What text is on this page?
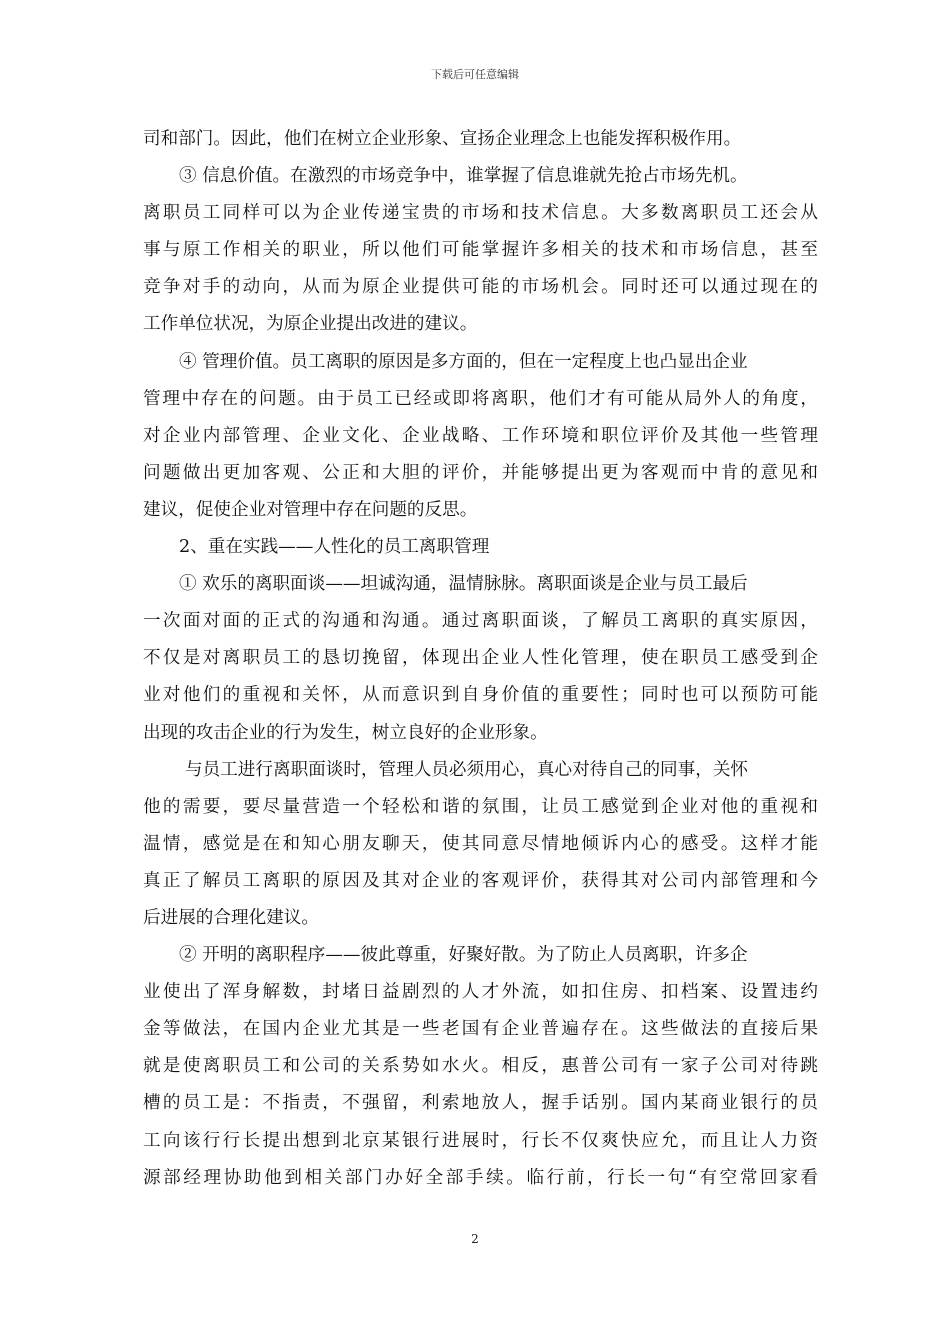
下载后可任意编辑
司和部门。因此，他们在树立企业形象、宣扬企业理念上也能发挥积极作用。
③ 信息价值。在激烈的市场竞争中，谁掌握了信息谁就先抢占市场先机。
离职员工同样可以为企业传递宝贵的市场和技术信息。大多数离职员工还会从
事与原工作相关的职业，所以他们可能掌握许多相关的技术和市场信息，甚至
竞争对手的动向，从而为原企业提供可能的市场机会。同时还可以通过现在的
工作单位状况，为原企业提出改进的建议。
④ 管理价值。员工离职的原因是多方面的，但在一定程度上也凸显出企业
管理中存在的问题。由于员工已经或即将离职，他们才有可能从局外人的角度，
对企业内部管理、企业文化、企业战略、工作环境和职位评价及其他一些管理
问题做出更加客观、公正和大胆的评价，并能够提出更为客观而中肯的意见和
建议，促使企业对管理中存在问题的反思。
2、重在实践——人性化的员工离职管理
① 欢乐的离职面谈——坦诚沟通，温情脉脉。离职面谈是企业与员工最后
一次面对面的正式的沟通和沟通。通过离职面谈，了解员工离职的真实原因，
不仅是对离职员工的恳切挽留，体现出企业人性化管理，使在职员工感受到企
业对他们的重视和关怀，从而意识到自身价值的重要性；同时也可以预防可能
出现的攻击企业的行为发生，树立良好的企业形象。
与员工进行离职面谈时，管理人员必须用心，真心对待自己的同事，关怀
他的需要，要尽量营造一个轻松和谐的氛围，让员工感觉到企业对他的重视和
温情，感觉是在和知心朋友聊天，使其同意尽情地倾诉内心的感受。这样才能
真正了解员工离职的原因及其对企业的客观评价，获得其对公司内部管理和今
后进展的合理化建议。
② 开明的离职程序——彼此尊重，好聚好散。为了防止人员离职，许多企
业使出了浑身解数，封堵日益剧烈的人才外流，如扣住房、扣档案、设置违约
金等做法，在国内企业尤其是一些老国有企业普遍存在。这些做法的直接后果
就是使离职员工和公司的关系势如水火。相反，惠普公司有一家子公司对待跳
槽的员工是：不指责，不强留，利索地放人，握手话别。国内某商业银行的员
工向该行行长提出想到北京某银行进展时，行长不仅爽快应允，而且让人力资
源部经理协助他到相关部门办好全部手续。临行前，行长一句“有空常回家看
2
